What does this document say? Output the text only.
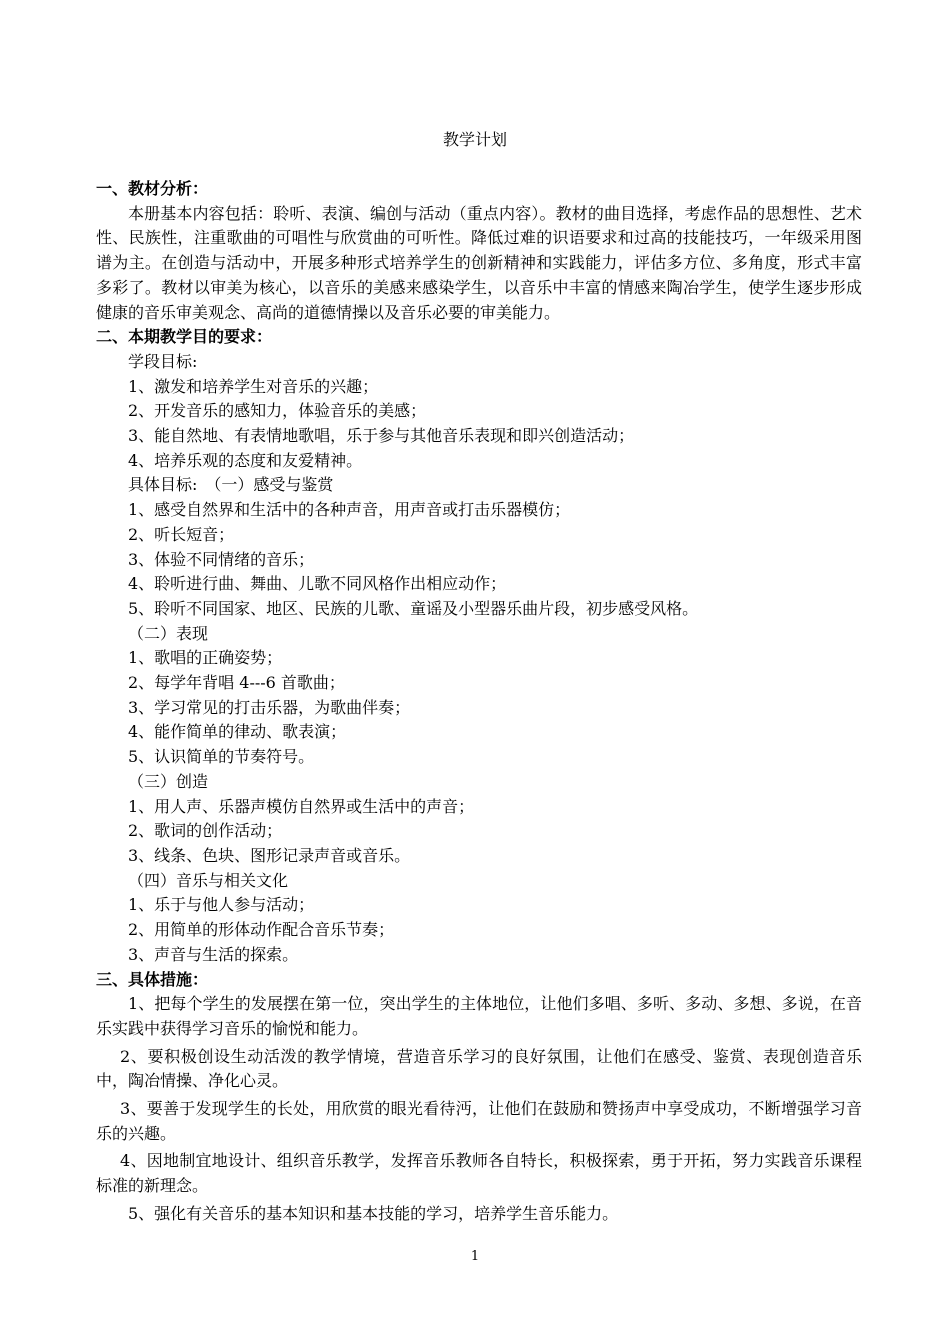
教学计划

一、教材分析：

本册基本内容包括：聆听、表演、编创与活动（重点内容）。教材的曲目选择，考虑作品的思想性、艺术性、民族性，注重歌曲的可唱性与欣赏曲的可听性。降低过难的识语要求和过高的技能技巧，一年级采用图谱为主。在创造与活动中，开展多种形式培养学生的创新精神和实践能力，评估多方位、多角度，形式丰富多彩了。教材以审美为核心，以音乐的美感来感染学生，以音乐中丰富的情感来陶冶学生，使学生逐步形成健康的音乐审美观念、高尚的道德情操以及音乐必要的审美能力。

二、本期教学目的要求：

学段目标:

1、激发和培养学生对音乐的兴趣；

2、开发音乐的感知力，体验音乐的美感；

3、能自然地、有表情地歌唱，乐于参与其他音乐表现和即兴创造活动；

4、培养乐观的态度和友爱精神。

具体目标:　（一）感受与鉴赏

1、感受自然界和生活中的各种声音，用声音或打击乐器模仿；

2、听长短音；

3、体验不同情绪的音乐；

4、聆听进行曲、舞曲、儿歌不同风格作出相应动作；

5、聆听不同国家、地区、民族的儿歌、童谣及小型器乐曲片段，初步感受风格。

（二）表现

1、歌唱的正确姿势；

2、每学年背唱 4---6 首歌曲；

3、学习常见的打击乐器，为歌曲伴奏；

4、能作简单的律动、歌表演；

5、认识简单的节奏符号。

（三）创造

1、用人声、乐器声模仿自然界或生活中的声音；

2、歌词的创作活动；

3、线条、色块、图形记录声音或音乐。

（四）音乐与相关文化

1、乐于与他人参与活动；

2、用简单的形体动作配合音乐节奏；

3、声音与生活的探索。

三、具体措施：

1、把每个学生的发展摆在第一位，突出学生的主体地位，让他们多唱、多听、多动、多想、多说，在音乐实践中获得学习音乐的愉悦和能力。

2、要积极创设生动活泼的教学情境，营造音乐学习的良好氛围，让他们在感受、鉴赏、表现创造音乐中，陶冶情操、净化心灵。

3、要善于发现学生的长处，用欣赏的眼光看待沔，让他们在鼓励和赞扬声中享受成功，不断增强学习音乐的兴趣。

4、因地制宜地设计、组织音乐教学，发挥音乐教师各自特长，积极探索，勇于开拓，努力实践音乐课程标准的新理念。

5、强化有关音乐的基本知识和基本技能的学习，培养学生音乐能力。

1
